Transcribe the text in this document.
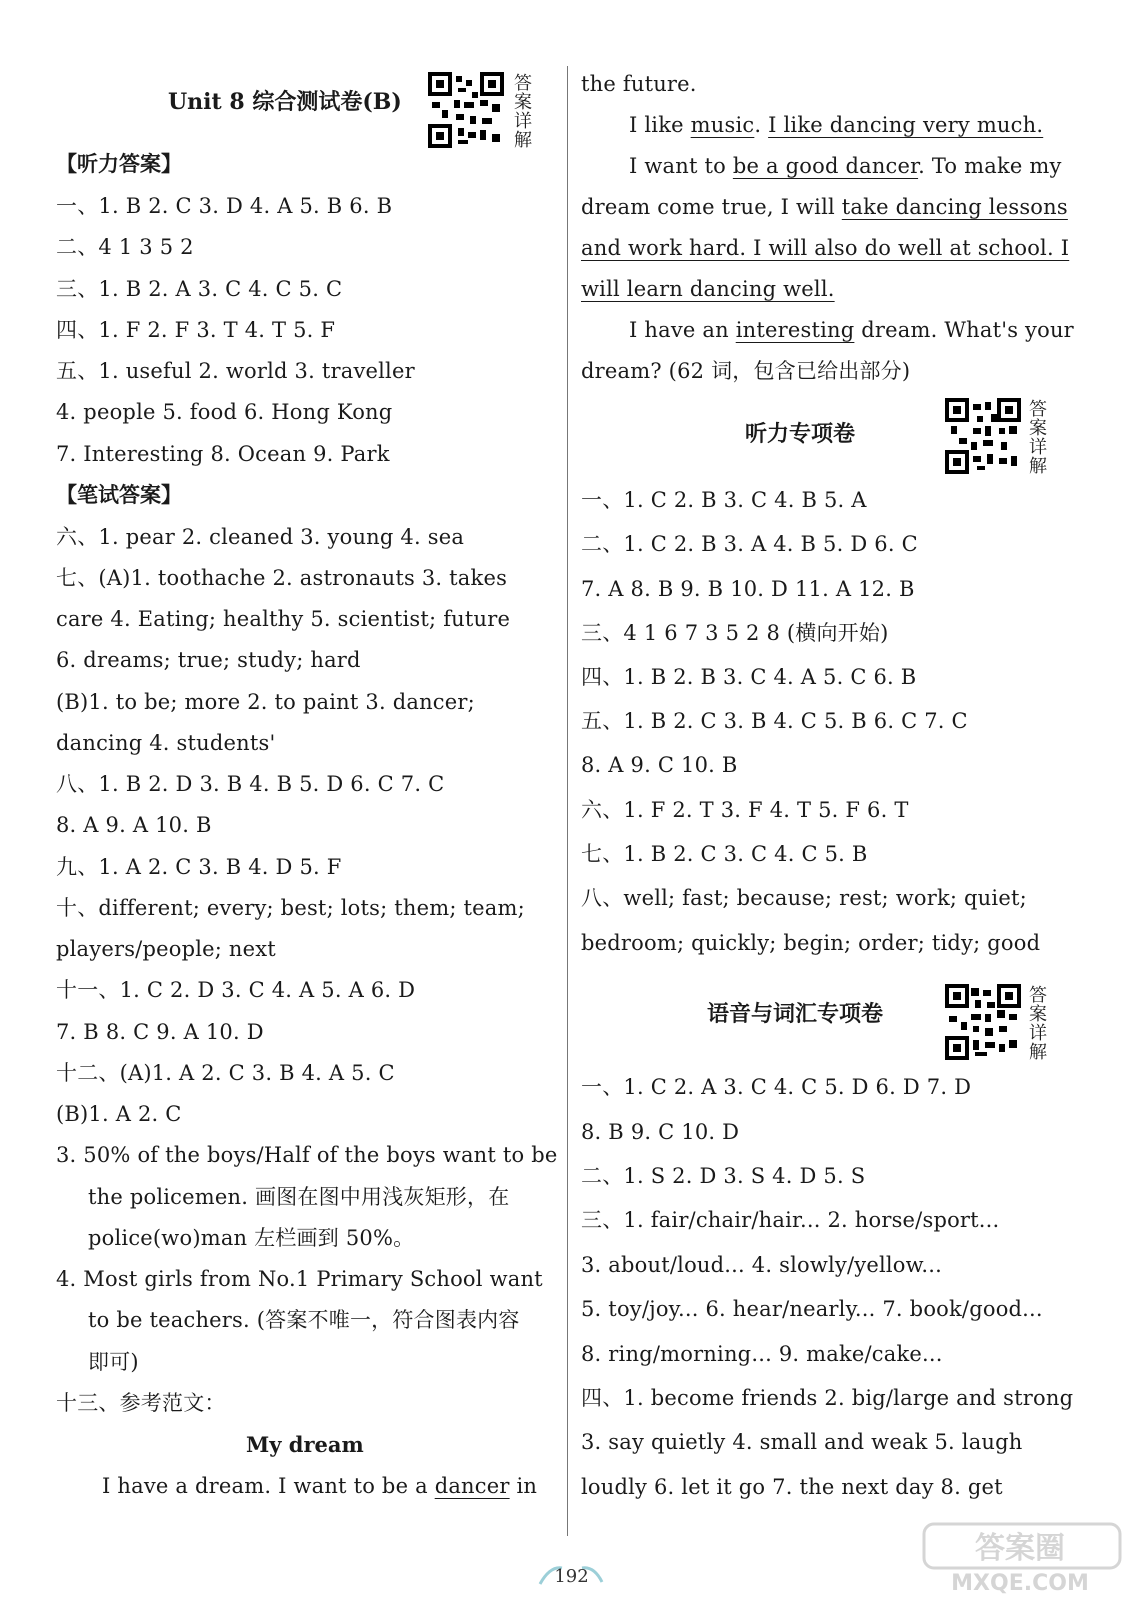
Unit 8 综合测试卷(B)
答
案
详
解
【听力答案】
一、1. B 2. C 3. D 4. A 5. B 6. B
二、4 1 3 5 2
三、1. B 2. A 3. C 4. C 5. C
四、1. F 2. F 3. T 4. T 5. F
五、1. useful 2. world 3. traveller
4. people 5. food 6. Hong Kong
7. Interesting 8. Ocean 9. Park
【笔试答案】
六、1. pear 2. cleaned 3. young 4. sea
七、(A)1. toothache 2. astronauts 3. takes
care 4. Eating; healthy 5. scientist; future
6. dreams; true; study; hard
(B)1. to be; more 2. to paint 3. dancer;
dancing 4. students'
八、1. B 2. D 3. B 4. B 5. D 6. C 7. C
8. A 9. A 10. B
九、1. A 2. C 3. B 4. D 5. F
十、different; every; best; lots; them; team;
players/people; next
十一、1. C 2. D 3. C 4. A 5. A 6. D
7. B 8. C 9. A 10. D
十二、(A)1. A 2. C 3. B 4. A 5. C
(B)1. A 2. C
3. 50% of the boys/Half of the boys want to be
the policemen. 画图在图中用浅灰矩形，在
police(wo)man 左栏画到 50%。
4. Most girls from No.1 Primary School want
to be teachers. (答案不唯一，符合图表内容
即可)
十三、参考范文：
My dream
I have a dream. I want to be a dancer in
the future.
I like music. I like dancing very much.
I want to be a good dancer. To make my
dream come true, I will take dancing lessons
and work hard. I will also do well at school. I
will learn dancing well.
I have an interesting dream. What's your
dream? (62 词，包含已给出部分)
听力专项卷
答
案
详
解
一、1. C 2. B 3. C 4. B 5. A
二、1. C 2. B 3. A 4. B 5. D 6. C
7. A 8. B 9. B 10. D 11. A 12. B
三、4 1 6 7 3 5 2 8 (横向开始)
四、1. B 2. B 3. C 4. A 5. C 6. B
五、1. B 2. C 3. B 4. C 5. B 6. C 7. C
8. A 9. C 10. B
六、1. F 2. T 3. F 4. T 5. F 6. T
七、1. B 2. C 3. C 4. C 5. B
八、well; fast; because; rest; work; quiet;
bedroom; quickly; begin; order; tidy; good
语音与词汇专项卷
答
案
详
解
一、1. C 2. A 3. C 4. C 5. D 6. D 7. D
8. B 9. C 10. D
二、1. S 2. D 3. S 4. D 5. S
三、1. fair/chair/hair... 2. horse/sport...
3. about/loud... 4. slowly/yellow...
5. toy/joy... 6. hear/nearly... 7. book/good...
8. ring/morning... 9. make/cake...
四、1. become friends 2. big/large and strong
3. say quietly 4. small and weak 5. laugh
loudly 6. let it go 7. the next day 8. get
192
答案圈
MXQE.COM
